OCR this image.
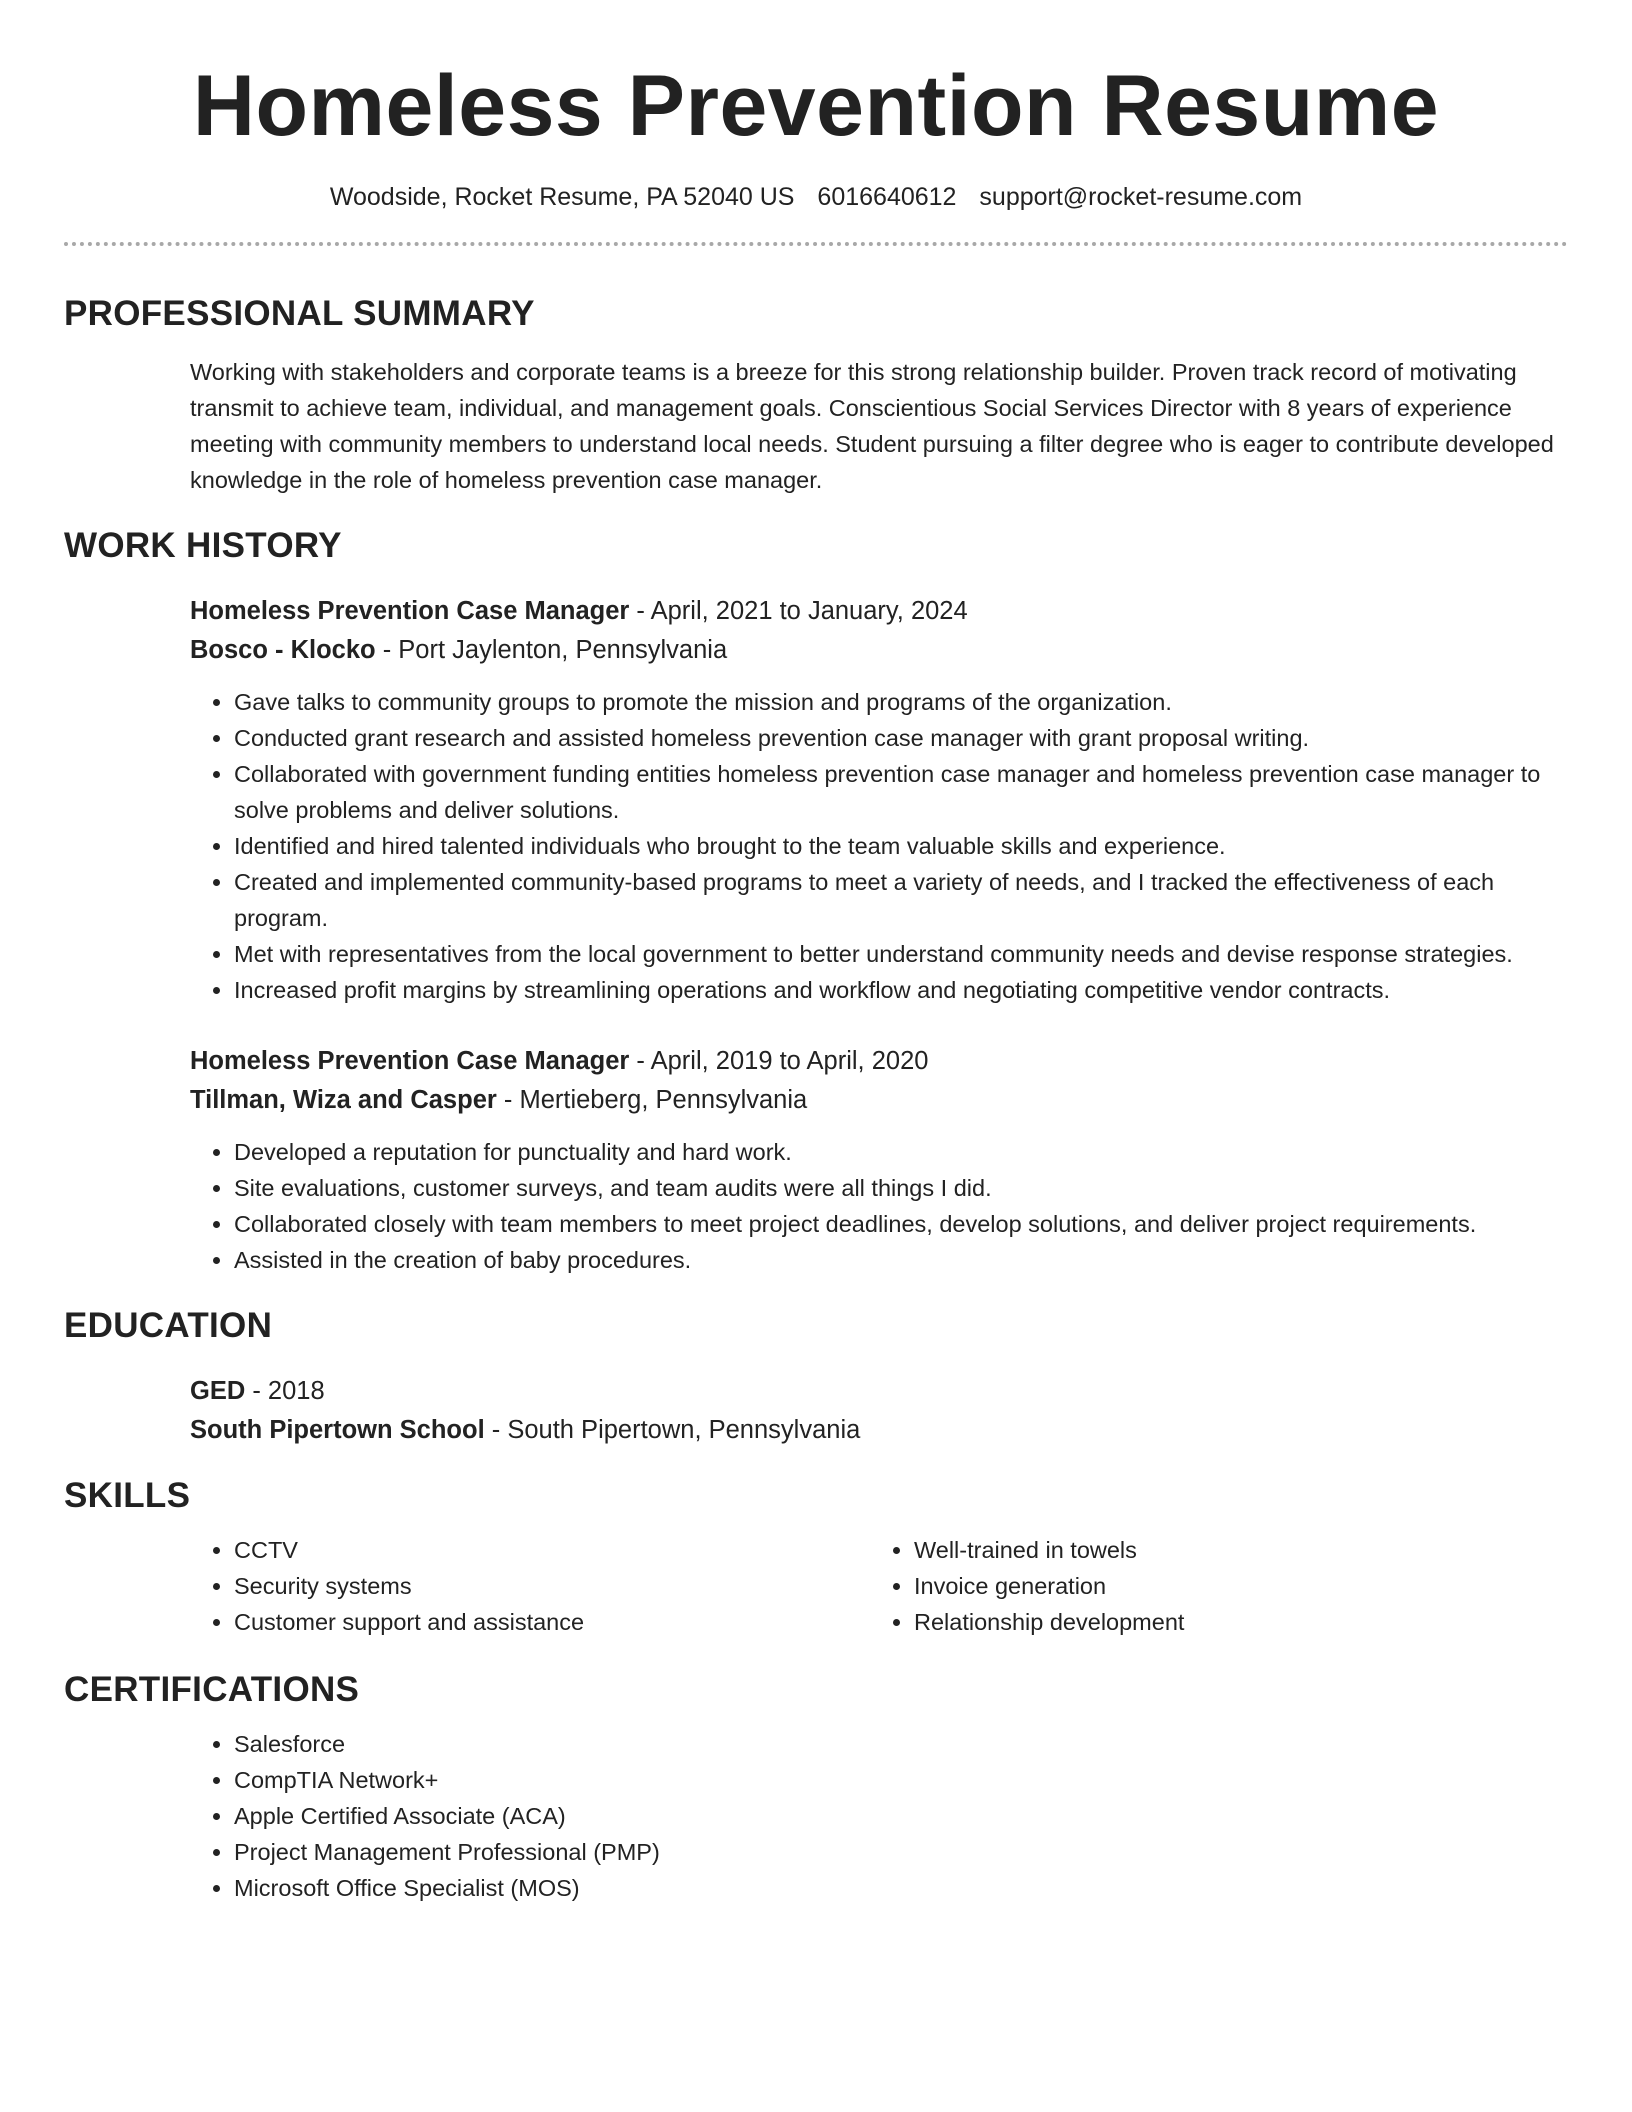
Homeless Prevention Resume
Woodside, Rocket Resume, PA 52040 US 6016640612 support@rocket-resume.com
PROFESSIONAL SUMMARY
Working with stakeholders and corporate teams is a breeze for this strong relationship builder. Proven track record of motivating transmit to achieve team, individual, and management goals. Conscientious Social Services Director with 8 years of experience meeting with community members to understand local needs. Student pursuing a filter degree who is eager to contribute developed knowledge in the role of homeless prevention case manager.
WORK HISTORY
Homeless Prevention Case Manager - April, 2021 to January, 2024
Bosco - Klocko - Port Jaylenton, Pennsylvania
• Gave talks to community groups to promote the mission and programs of the organization.
• Conducted grant research and assisted homeless prevention case manager with grant proposal writing.
• Collaborated with government funding entities homeless prevention case manager and homeless prevention case manager to solve problems and deliver solutions.
• Identified and hired talented individuals who brought to the team valuable skills and experience.
• Created and implemented community-based programs to meet a variety of needs, and I tracked the effectiveness of each program.
• Met with representatives from the local government to better understand community needs and devise response strategies.
• Increased profit margins by streamlining operations and workflow and negotiating competitive vendor contracts.
Homeless Prevention Case Manager - April, 2019 to April, 2020
Tillman, Wiza and Casper - Mertieberg, Pennsylvania
• Developed a reputation for punctuality and hard work.
• Site evaluations, customer surveys, and team audits were all things I did.
• Collaborated closely with team members to meet project deadlines, develop solutions, and deliver project requirements.
• Assisted in the creation of baby procedures.
EDUCATION
GED - 2018
South Pipertown School - South Pipertown, Pennsylvania
SKILLS
• CCTV
• Security systems
• Customer support and assistance
• Well-trained in towels
• Invoice generation
• Relationship development
CERTIFICATIONS
• Salesforce
• CompTIA Network+
• Apple Certified Associate (ACA)
• Project Management Professional (PMP)
• Microsoft Office Specialist (MOS)
